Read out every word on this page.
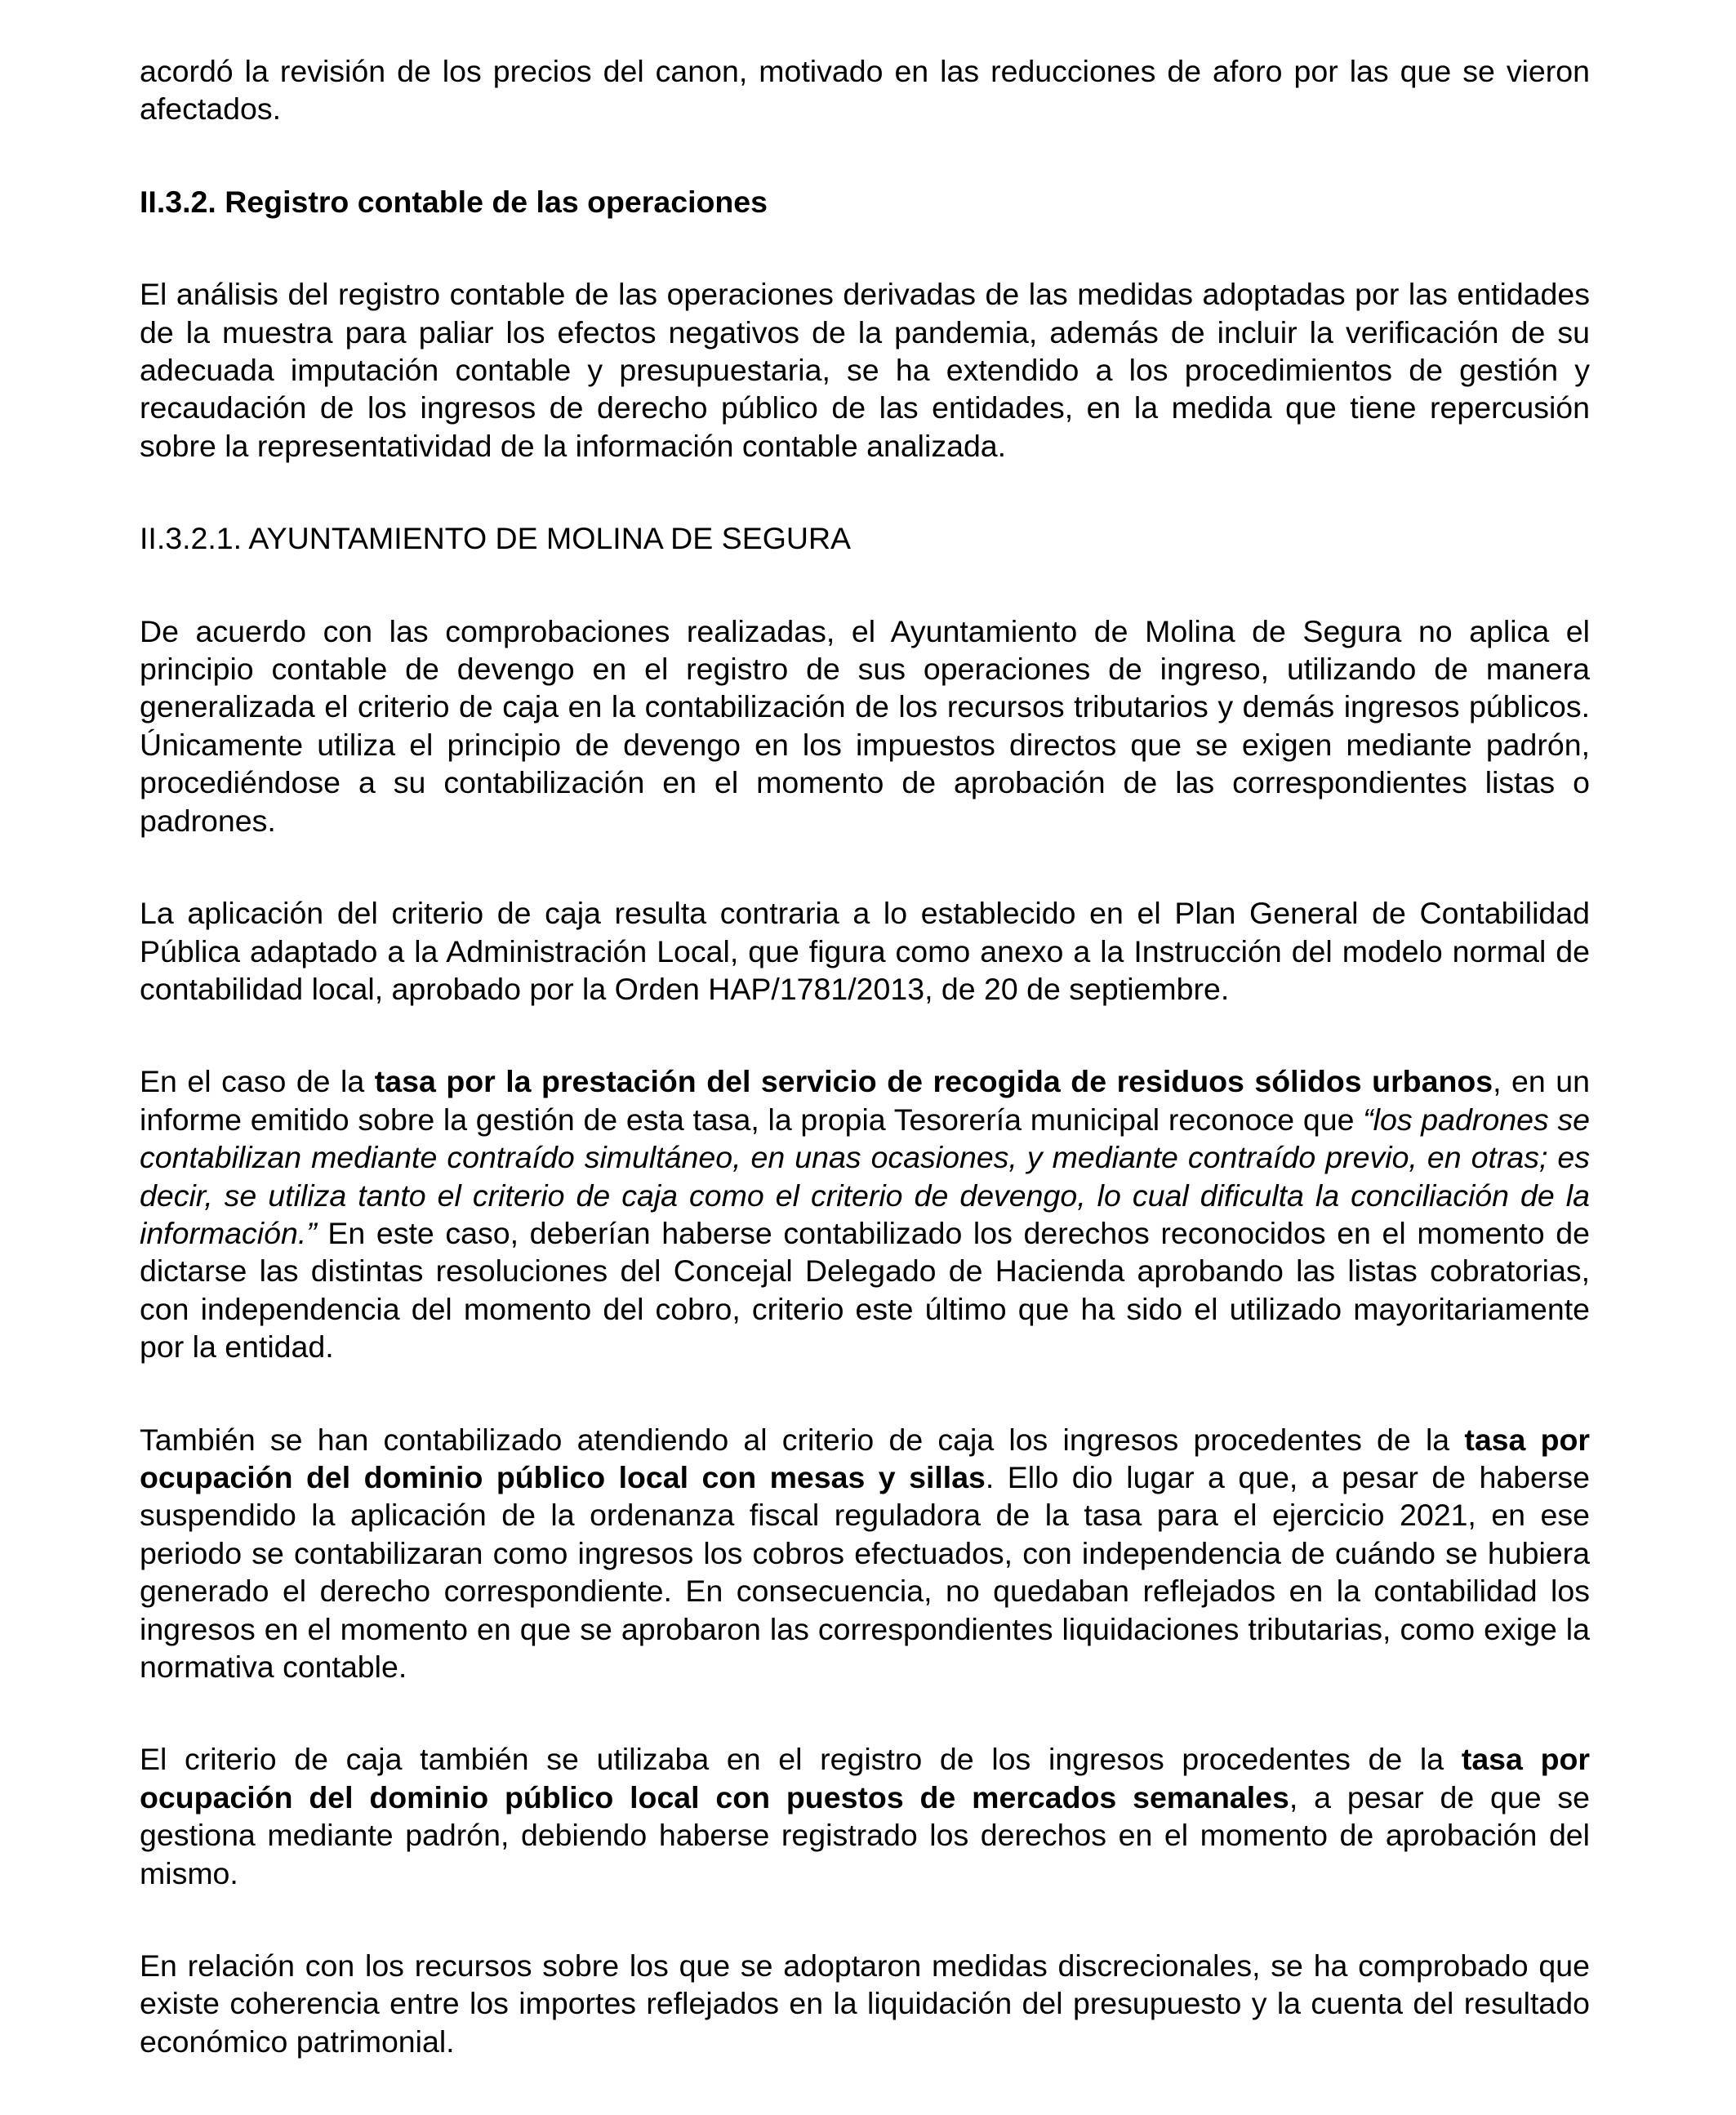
acordó la revisión de los precios del canon, motivado en las reducciones de aforo por las que se vieron afectados.

II.3.2. Registro contable de las operaciones

El análisis del registro contable de las operaciones derivadas de las medidas adoptadas por las entidades de la muestra para paliar los efectos negativos de la pandemia, además de incluir la verificación de su adecuada imputación contable y presupuestaria, se ha extendido a los procedimientos de gestión y recaudación de los ingresos de derecho público de las entidades, en la medida que tiene repercusión sobre la representatividad de la información contable analizada.

II.3.2.1. AYUNTAMIENTO DE MOLINA DE SEGURA

De acuerdo con las comprobaciones realizadas, el Ayuntamiento de Molina de Segura no aplica el principio contable de devengo en el registro de sus operaciones de ingreso, utilizando de manera generalizada el criterio de caja en la contabilización de los recursos tributarios y demás ingresos públicos. Únicamente utiliza el principio de devengo en los impuestos directos que se exigen mediante padrón, procediéndose a su contabilización en el momento de aprobación de las correspondientes listas o padrones.

La aplicación del criterio de caja resulta contraria a lo establecido en el Plan General de Contabilidad Pública adaptado a la Administración Local, que figura como anexo a la Instrucción del modelo normal de contabilidad local, aprobado por la Orden HAP/1781/2013, de 20 de septiembre.

En el caso de la tasa por la prestación del servicio de recogida de residuos sólidos urbanos, en un informe emitido sobre la gestión de esta tasa, la propia Tesorería municipal reconoce que “los padrones se contabilizan mediante contraído simultáneo, en unas ocasiones, y mediante contraído previo, en otras; es decir, se utiliza tanto el criterio de caja como el criterio de devengo, lo cual dificulta la conciliación de la información.” En este caso, deberían haberse contabilizado los derechos reconocidos en el momento de dictarse las distintas resoluciones del Concejal Delegado de Hacienda aprobando las listas cobratorias, con independencia del momento del cobro, criterio este último que ha sido el utilizado mayoritariamente por la entidad.

También se han contabilizado atendiendo al criterio de caja los ingresos procedentes de la tasa por ocupación del dominio público local con mesas y sillas. Ello dio lugar a que, a pesar de haberse suspendido la aplicación de la ordenanza fiscal reguladora de la tasa para el ejercicio 2021, en ese periodo se contabilizaran como ingresos los cobros efectuados, con independencia de cuándo se hubiera generado el derecho correspondiente. En consecuencia, no quedaban reflejados en la contabilidad los ingresos en el momento en que se aprobaron las correspondientes liquidaciones tributarias, como exige la normativa contable.

El criterio de caja también se utilizaba en el registro de los ingresos procedentes de la tasa por ocupación del dominio público local con puestos de mercados semanales, a pesar de que se gestiona mediante padrón, debiendo haberse registrado los derechos en el momento de aprobación del mismo.

En relación con los recursos sobre los que se adoptaron medidas discrecionales, se ha comprobado que existe coherencia entre los importes reflejados en la liquidación del presupuesto y la cuenta del resultado económico patrimonial.
